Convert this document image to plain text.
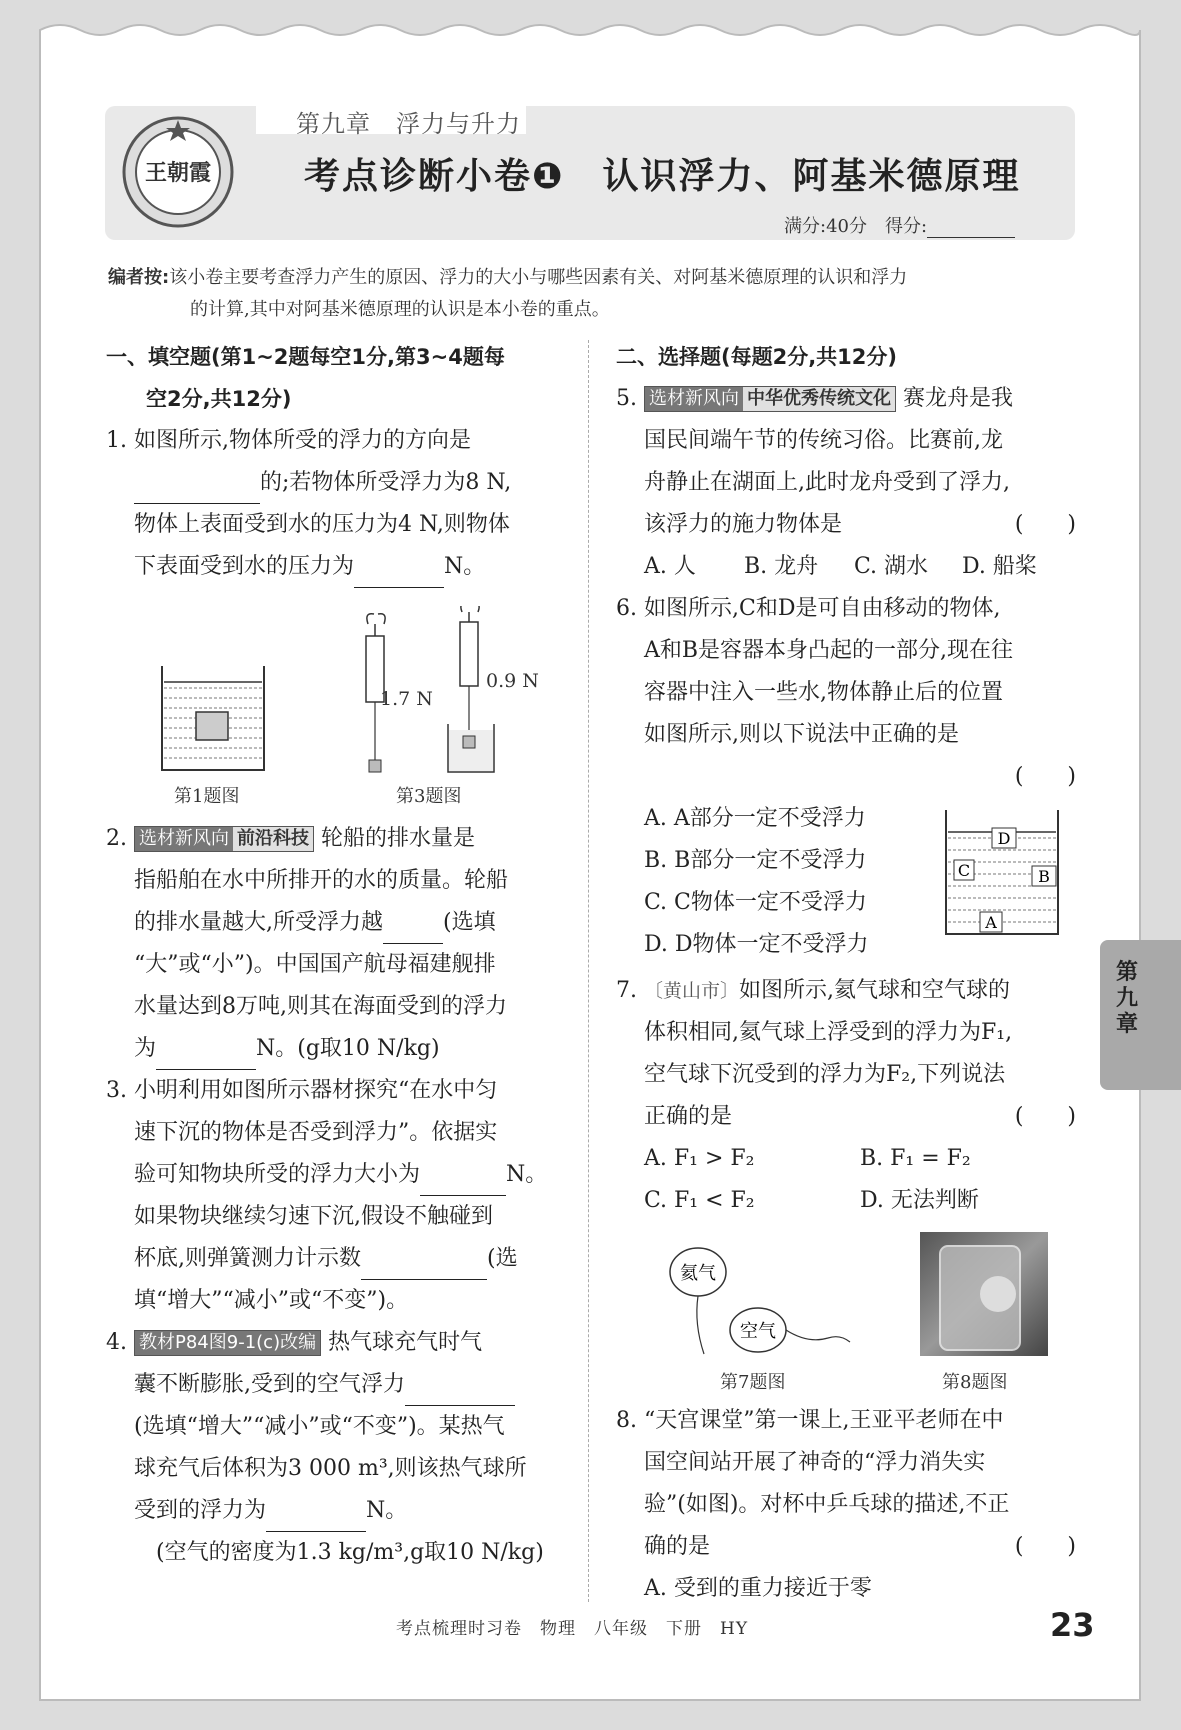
王朝霞
第九章　浮力与升力
考点诊断小卷❶　认识浮力、阿基米德原理
满分:40分　得分:
编者按:该小卷主要考查浮力产生的原因、浮力的大小与哪些因素有关、对阿基米德原理的认识和浮力
的计算,其中对阿基米德原理的认识是本小卷的重点。
一、填空题(第1~2题每空1分,第3~4题每
空2分,共12分)
1. 如图所示,物体所受的浮力的方向是
的;若物体所受浮力为8 N,
物体上表面受到水的压力为4 N,则物体
下表面受到水的压力为	N。
第1题图
1.7 N
0.9 N
第3题图
2. 选材新风向 前沿科技 轮船的排水量是
指船舶在水中所排开的水的质量。轮船
的排水量越大,所受浮力越	(选填
“大”或“小”)。中国国产航母福建舰排
水量达到8万吨,则其在海面受到的浮力
为	N。(g取10 N/kg)
3. 小明利用如图所示器材探究“在水中匀
速下沉的物体是否受到浮力”。依据实
验可知物块所受的浮力大小为	N。
如果物块继续匀速下沉,假设不触碰到
杯底,则弹簧测力计示数	(选
填“增大”“减小”或“不变”)。
4. 教材P84图9-1(c)改编 热气球充气时气
囊不断膨胀,受到的空气浮力
(选填“增大”“减小”或“不变”)。某热气
球充气后体积为3 000 m³,则该热气球所
受到的浮力为	N。
(空气的密度为1.3 kg/m³,g取10 N/kg)
二、选择题(每题2分,共12分)
5. 选材新风向 中华优秀传统文化 赛龙舟是我
国民间端午节的传统习俗。比赛前,龙
舟静止在湖面上,此时龙舟受到了浮力,
该浮力的施力物体是	(　　)
A. 人 B. 龙舟 C. 湖水 D. 船桨
6. 如图所示,C和D是可自由移动的物体,
A和B是容器本身凸起的一部分,现在往
容器中注入一些水,物体静止后的位置
如图所示,则以下说法中正确的是
(　　)
A. A部分一定不受浮力
B. B部分一定不受浮力
C. C物体一定不受浮力
D. D物体一定不受浮力
D
C	B
A
7. 〔黄山市〕如图所示,氦气球和空气球的
体积相同,氦气球上浮受到的浮力为F₁,
空气球下沉受到的浮力为F₂,下列说法
正确的是	(　　)
A. F₁ > F₂	B. F₁ = F₂
C. F₁ < F₂	D. 无法判断
氦气
空气
第7题图	第8题图
8. “天宫课堂”第一课上,王亚平老师在中
国空间站开展了神奇的“浮力消失实
验”(如图)。对杯中乒乓球的描述,不正
确的是	(　　)
A. 受到的重力接近于零
第九章
考点梳理时习卷　物理　八年级　下册　HY	23
